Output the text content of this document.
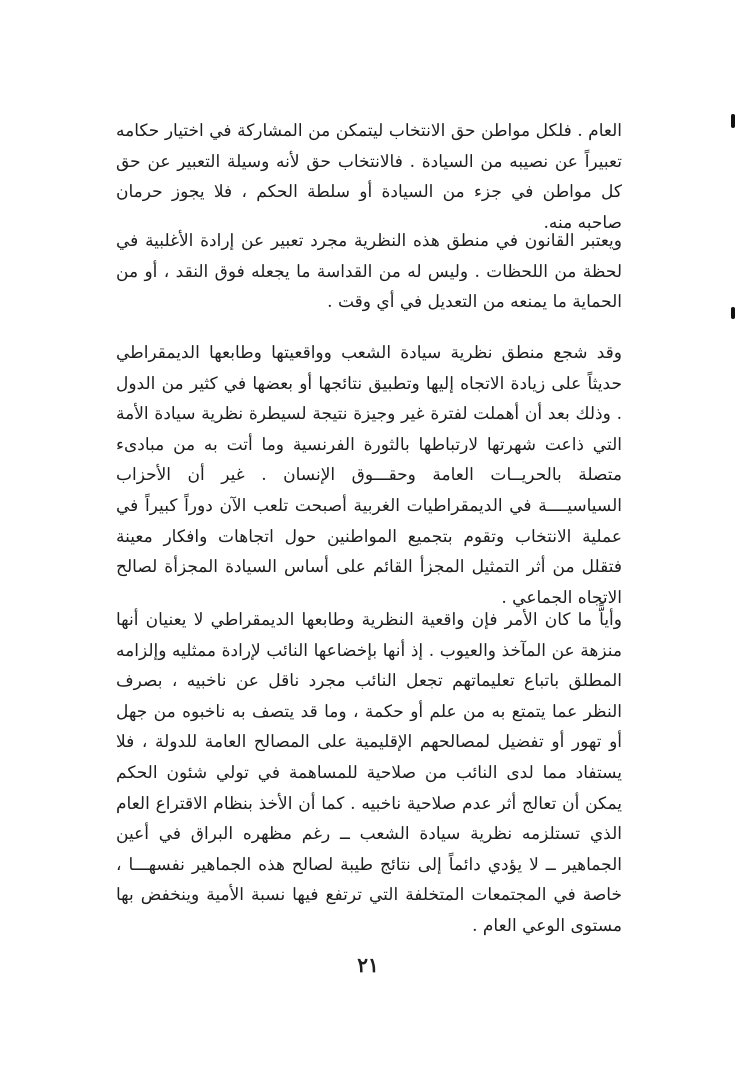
العام . فلكل مواطن حق الانتخاب ليتمكن من المشاركة في اختيار حكامه تعبيراً عن نصيبه من السيادة . فالانتخاب حق لأنه وسيلة التعبير عن حق كل مواطن في جزء من السيادة أو سلطة الحكم ، فلا يجوز حرمان صاحبه منه.

ويعتبر القانون في منطق هذه النظرية مجرد تعبير عن إرادة الأغلبية في لحظة من اللحظات . وليس له من القداسة ما يجعله فوق النقد ، أو من الحماية ما يمنعه من التعديل في أي وقت .

وقد شجع منطق نظرية سيادة الشعب وواقعيتها وطابعها الديمقراطي حديثاً على زيادة الاتجاه إليها وتطبيق نتائجها أو بعضها في كثير من الدول . وذلك بعد أن أهملت لفترة غير وجيزة نتيجة لسيطرة نظرية سيادة الأمة التي ذاعت شهرتها لارتباطها بالثورة الفرنسية وما أتت به من مبادىء متصلة بالحريــات العامة وحقـــوق الإنسان . غير أن الأحزاب السياسيــــة في الديمقراطيات الغربية أصبحت تلعب الآن دوراً كبيراً في عملية الانتخاب وتقوم بتجميع المواطنين حول اتجاهات وافكار معينة فتقلل من أثر التمثيل المجزأ القائم على أساس السيادة المجزأة لصالح الاتجاه الجماعي .

وأياًّ ما كان الأمر فإن واقعية النظرية وطابعها الديمقراطي لا يعنيان أنها منزهة عن المآخذ والعيوب . إذ أنها بإخضاعها النائب لإرادة ممثليه وإلزامه المطلق باتباع تعليماتهم تجعل النائب مجرد ناقل عن ناخبيه ، بصرف النظر عما يتمتع به من علم أو حكمة ، وما قد يتصف به ناخبوه من جهل أو تهور أو تفضيل لمصالحهم الإقليمية على المصالح العامة للدولة ، فلا يستفاد مما لدى النائب من صلاحية للمساهمة في تولي شئون الحكم يمكن أن تعالج أثر عدم صلاحية ناخبيه . كما أن الأخذ بنظام الاقتراع العام الذي تستلزمه نظرية سيادة الشعب ــ رغم مظهره البراق في أعين الجماهير ــ لا يؤدي دائماً إلى نتائج طيبة لصالح هذه الجماهير نفسهـــا ، خاصة في المجتمعات المتخلفة التي ترتفع فيها نسبة الأمية وينخفض بها مستوى الوعي العام .

٢١
